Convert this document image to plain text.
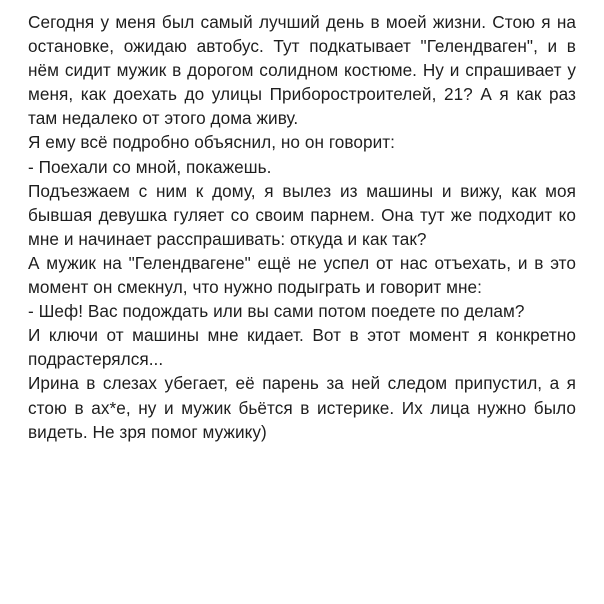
Сегодня у меня был самый лучший день в моей жизни. Стою я на остановке, ожидаю автобус. Тут подкатывает "Гелендваген", и в нём сидит мужик в дорогом солидном костюме. Ну и спрашивает у меня, как доехать до улицы Приборостроителей, 21? А я как раз там недалеко от этого дома живу.

Я ему всё подробно объяснил, но он говорит:

- Поехали со мной, покажешь.

Подъезжаем с ним к дому, я вылез из машины и вижу, как моя бывшая девушка гуляет со своим парнем. Она тут же подходит ко мне и начинает расспрашивать: откуда и как так?

А мужик на "Гелендвагене" ещё не успел от нас отъехать, и в это момент он смекнул, что нужно подыграть и говорит мне:

- Шеф! Вас подождать или вы сами потом поедете по делам?

И ключи от машины мне кидает. Вот в этот момент я конкретно подрастерялся...

Ирина в слезах убегает, её парень за ней следом припустил, а я стою в ах*е, ну и мужик бьётся в истерике. Их лица нужно было видеть. Не зря помог мужику)
